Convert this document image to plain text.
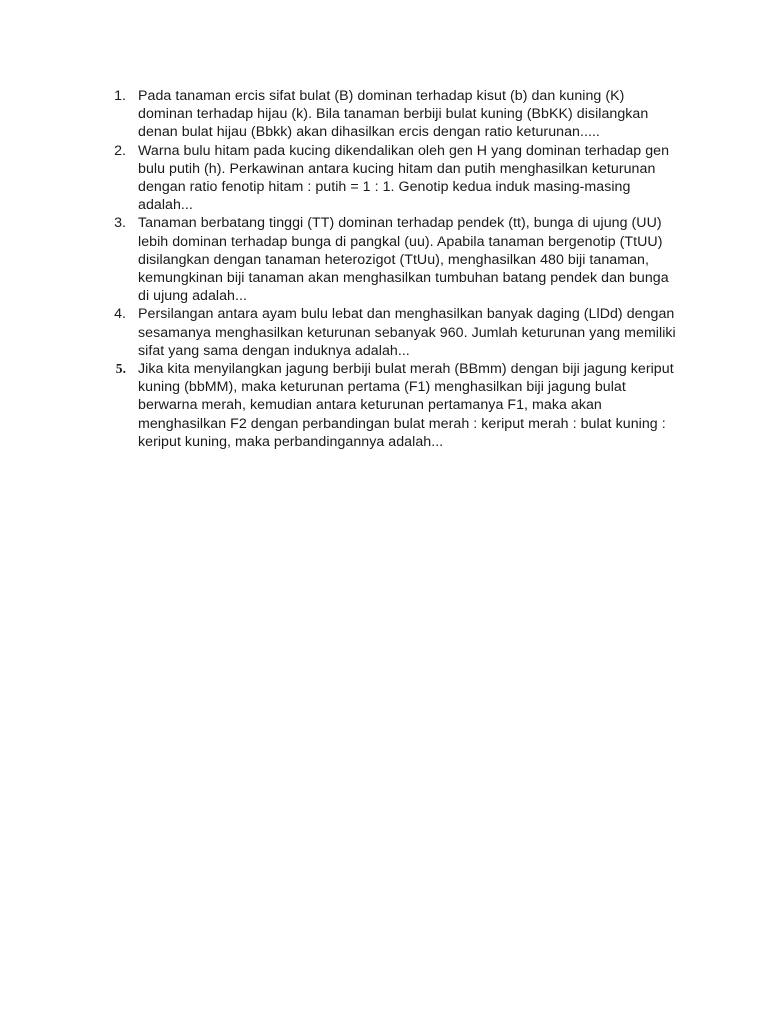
1. Pada tanaman ercis sifat bulat (B) dominan terhadap kisut (b) dan kuning (K) dominan terhadap hijau (k). Bila tanaman berbiji bulat kuning (BbKK) disilangkan denan bulat hijau (Bbkk) akan dihasilkan ercis dengan ratio keturunan.....
2. Warna bulu hitam pada kucing dikendalikan oleh gen H yang dominan terhadap gen bulu putih (h). Perkawinan antara kucing hitam dan putih menghasilkan keturunan dengan ratio fenotip hitam : putih = 1 : 1. Genotip kedua induk masing-masing adalah...
3. Tanaman berbatang tinggi (TT) dominan terhadap pendek (tt), bunga di ujung (UU) lebih dominan terhadap bunga di pangkal (uu). Apabila tanaman bergenotip (TtUU) disilangkan dengan tanaman heterozigot (TtUu), menghasilkan 480 biji tanaman, kemungkinan biji tanaman akan menghasilkan tumbuhan batang pendek dan bunga di ujung adalah...
4. Persilangan antara ayam bulu lebat dan menghasilkan banyak daging (LlDd) dengan sesamanya menghasilkan keturunan sebanyak 960. Jumlah keturunan yang memiliki sifat yang sama dengan induknya adalah...
5. Jika kita menyilangkan jagung berbiji bulat merah (BBmm) dengan biji jagung keriput kuning (bbMM), maka keturunan pertama (F1) menghasilkan biji jagung bulat berwarna merah, kemudian antara keturunan pertamanya F1, maka akan menghasilkan F2 dengan perbandingan bulat merah : keriput merah : bulat kuning : keriput kuning, maka perbandingannya adalah...
